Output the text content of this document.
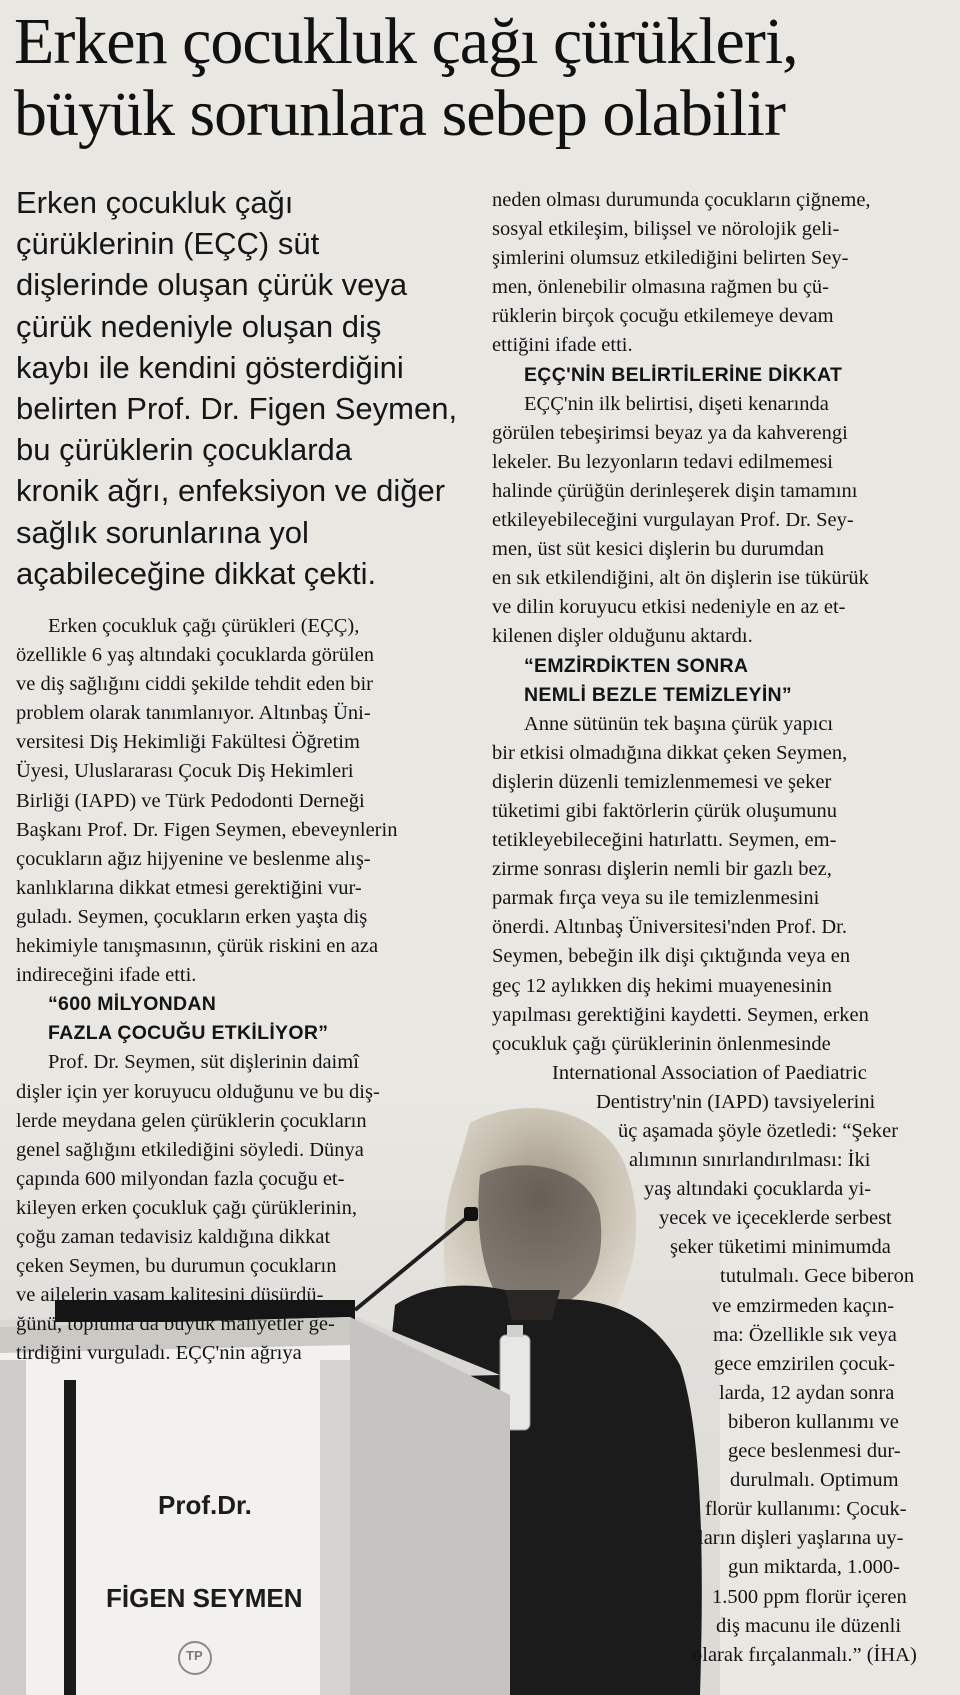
Erken çocukluk çağı çürükleri,
büyük sorunlara sebep olabilir
Erken çocukluk çağı
çürüklerinin (EÇÇ) süt
dişlerinde oluşan çürük veya
çürük nedeniyle oluşan diş
kaybı ile kendini gösterdiğini
belirten Prof. Dr. Figen Seymen,
bu çürüklerin çocuklarda
kronik ağrı, enfeksiyon ve diğer
sağlık sorunlarına yol
açabileceğine dikkat çekti.
Prof.Dr.
FİGEN SEYMEN
TP
Erken çocukluk çağı çürükleri (EÇÇ),
özellikle 6 yaş altındaki çocuklarda görülen
ve diş sağlığını ciddi şekilde tehdit eden bir
problem olarak tanımlanıyor. Altınbaş Üni-
versitesi Diş Hekimliği Fakültesi Öğretim
Üyesi, Uluslararası Çocuk Diş Hekimleri
Birliği (IAPD) ve Türk Pedodonti Derneği
Başkanı Prof. Dr. Figen Seymen, ebeveynlerin
çocukların ağız hijyenine ve beslenme alış-
kanlıklarına dikkat etmesi gerektiğini vur-
guladı. Seymen, çocukların erken yaşta diş
hekimiyle tanışmasının, çürük riskini en aza
indireceğini ifade etti.
“600 MİLYONDAN
FAZLA ÇOCUĞU ETKİLİYOR”
Prof. Dr. Seymen, süt dişlerinin daimî
dişler için yer koruyucu olduğunu ve bu diş-
lerde meydana gelen çürüklerin çocukların
genel sağlığını etkilediğini söyledi. Dünya
çapında 600 milyondan fazla çocuğu et-
kileyen erken çocukluk çağı çürüklerinin,
çoğu zaman tedavisiz kaldığına dikkat
çeken Seymen, bu durumun çocukların
ve ailelerin yaşam kalitesini düşürdü-
ğünü, topluma da büyük maliyetler ge-
tirdiğini vurguladı. EÇÇ'nin ağrıya
neden olması durumunda çocukların çiğneme,
sosyal etkileşim, bilişsel ve nörolojik geli-
şimlerini olumsuz etkilediğini belirten Sey-
men, önlenebilir olmasına rağmen bu çü-
rüklerin birçok çocuğu etkilemeye devam
ettiğini ifade etti.
EÇÇ'NİN BELİRTİLERİNE DİKKAT
EÇÇ'nin ilk belirtisi, dişeti kenarında
görülen tebeşirimsi beyaz ya da kahverengi
lekeler. Bu lezyonların tedavi edilmemesi
halinde çürüğün derinleşerek dişin tamamını
etkileyebileceğini vurgulayan Prof. Dr. Sey-
men, üst süt kesici dişlerin bu durumdan
en sık etkilendiğini, alt ön dişlerin ise tükürük
ve dilin koruyucu etkisi nedeniyle en az et-
kilenen dişler olduğunu aktardı.
“EMZİRDİKTEN SONRA
NEMLİ BEZLE TEMİZLEYİN”
Anne sütünün tek başına çürük yapıcı
bir etkisi olmadığına dikkat çeken Seymen,
dişlerin düzenli temizlenmemesi ve şeker
tüketimi gibi faktörlerin çürük oluşumunu
tetikleyebileceğini hatırlattı. Seymen, em-
zirme sonrası dişlerin nemli bir gazlı bez,
parmak fırça veya su ile temizlenmesini
önerdi. Altınbaş Üniversitesi'nden Prof. Dr.
Seymen, bebeğin ilk dişi çıktığında veya en
geç 12 aylıkken diş hekimi muayenesinin
yapılması gerektiğini kaydetti. Seymen, erken
çocukluk çağı çürüklerinin önlenmesinde
International Association of Paediatric
Dentistry'nin (IAPD) tavsiyelerini
üç aşamada şöyle özetledi: “Şeker
alımının sınırlandırılması: İki
yaş altındaki çocuklarda yi-
yecek ve içeceklerde serbest
şeker tüketimi minimumda
tutulmalı. Gece biberon
ve emzirmeden kaçın-
ma: Özellikle sık veya
gece emzirilen çocuk-
larda, 12 aydan sonra
biberon kullanımı ve
gece beslenmesi dur-
durulmalı. Optimum
florür kullanımı: Çocuk-
ların dişleri yaşlarına uy-
gun miktarda, 1.000-
1.500 ppm florür içeren
diş macunu ile düzenli
olarak fırçalanmalı.” (İHA)
